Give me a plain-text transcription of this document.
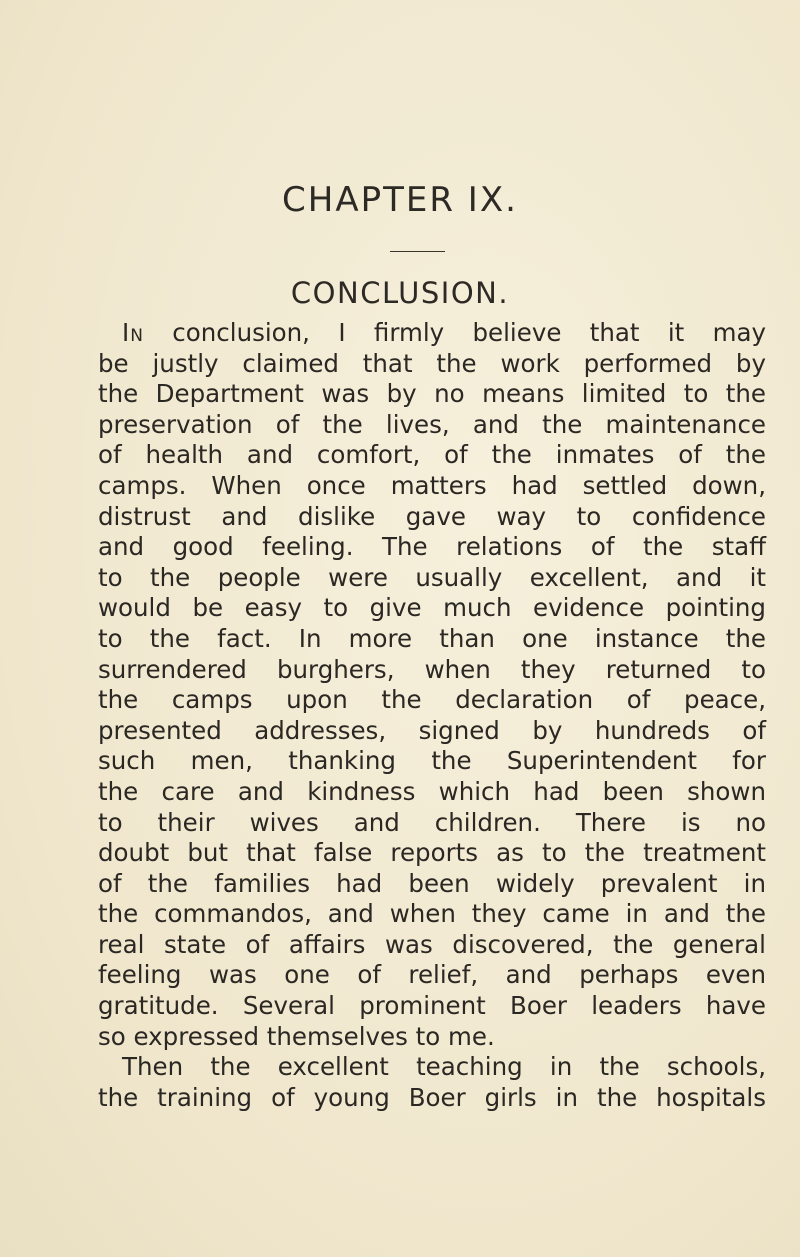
CHAPTER IX.
CONCLUSION.
In conclusion, I firmly believe that it may
be justly claimed that the work performed by
the Department was by no means limited to the
preservation of the lives, and the maintenance
of health and comfort, of the inmates of the
camps. When once matters had settled down,
distrust and dislike gave way to confidence
and good feeling. The relations of the staff
to the people were usually excellent, and it
would be easy to give much evidence pointing
to the fact. In more than one instance the
surrendered burghers, when they returned to
the camps upon the declaration of peace,
presented addresses, signed by hundreds of
such men, thanking the Superintendent for
the care and kindness which had been shown
to their wives and children. There is no
doubt but that false reports as to the treatment
of the families had been widely prevalent in
the commandos, and when they came in and the
real state of affairs was discovered, the general
feeling was one of relief, and perhaps even
gratitude. Several prominent Boer leaders have
so expressed themselves to me.
Then the excellent teaching in the schools,
the training of young Boer girls in the hospitals
